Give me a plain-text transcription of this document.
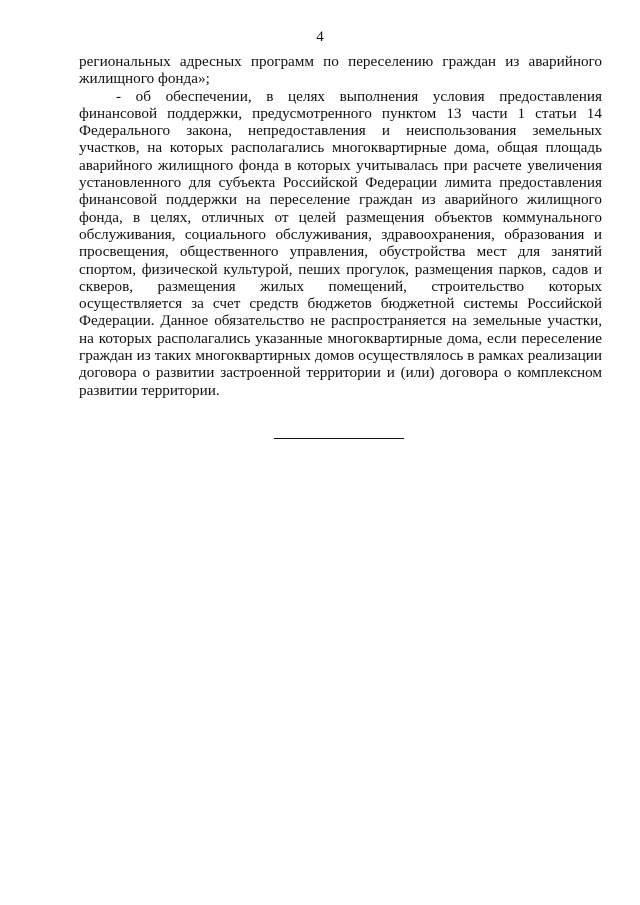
4

региональных адресных программ по переселению граждан из аварийного жилищного фонда»;

- об обеспечении, в целях выполнения условия предоставления финансовой поддержки, предусмотренного пунктом 13 части 1 статьи 14 Федерального закона, непредоставления и неиспользования земельных участков, на которых располагались многоквартирные дома, общая площадь аварийного жилищного фонда в которых учитывалась при расчете увеличения установленного для субъекта Российской Федерации лимита предоставления финансовой поддержки на переселение граждан из аварийного жилищного фонда, в целях, отличных от целей размещения объектов коммунального обслуживания, социального обслуживания, здравоохранения, образования и просвещения, общественного управления, обустройства мест для занятий спортом, физической культурой, пеших прогулок, размещения парков, садов и скверов, размещения жилых помещений, строительство которых осуществляется за счет средств бюджетов бюджетной системы Российской Федерации. Данное обязательство не распространяется на земельные участки, на которых располагались указанные многоквартирные дома, если переселение граждан из таких многоквартирных домов осуществлялось в рамках реализации договора о развитии застроенной территории и (или) договора о комплексном развитии территории.
